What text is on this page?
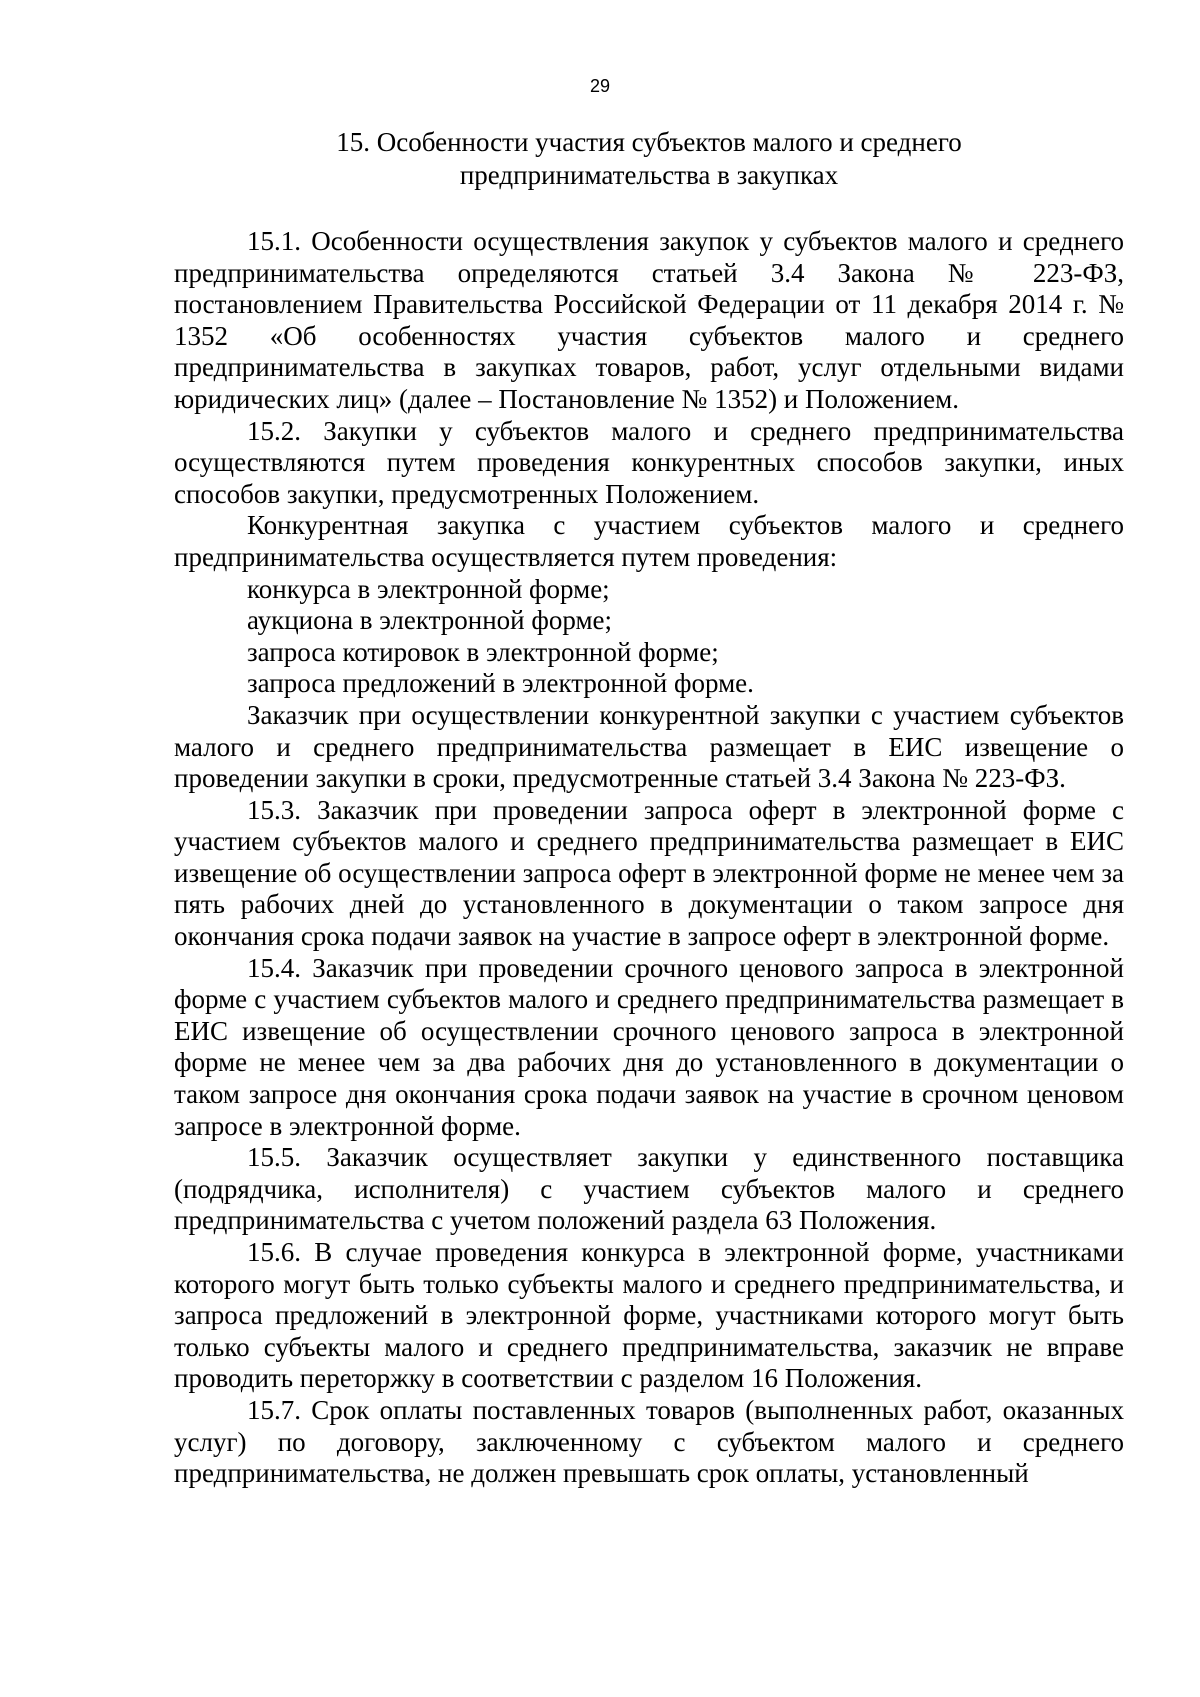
29
15. Особенности участия субъектов малого и среднего
предпринимательства в закупках

15.1. Особенности осуществления закупок у субъектов малого и среднего предпринимательства определяются статьей 3.4 Закона № 223-ФЗ, постановлением Правительства Российской Федерации от 11 декабря 2014 г. № 1352 «Об особенностях участия субъектов малого и среднего предпринимательства в закупках товаров, работ, услуг отдельными видами юридических лиц» (далее – Постановление № 1352) и Положением.

15.2. Закупки у субъектов малого и среднего предпринимательства осуществляются путем проведения конкурентных способов закупки, иных способов закупки, предусмотренных Положением.

Конкурентная закупка с участием субъектов малого и среднего предпринимательства осуществляется путем проведения:

конкурса в электронной форме;

аукциона в электронной форме;

запроса котировок в электронной форме;

запроса предложений в электронной форме.

Заказчик при осуществлении конкурентной закупки с участием субъектов малого и среднего предпринимательства размещает в ЕИС извещение о проведении закупки в сроки, предусмотренные статьей 3.4 Закона № 223-ФЗ.

15.3. Заказчик при проведении запроса оферт в электронной форме с участием субъектов малого и среднего предпринимательства размещает в ЕИС извещение об осуществлении запроса оферт в электронной форме не менее чем за пять рабочих дней до установленного в документации о таком запросе дня окончания срока подачи заявок на участие в запросе оферт в электронной форме.

15.4. Заказчик при проведении срочного ценового запроса в электронной форме с участием субъектов малого и среднего предпринимательства размещает в ЕИС извещение об осуществлении срочного ценового запроса в электронной форме не менее чем за два рабочих дня до установленного в документации о таком запросе дня окончания срока подачи заявок на участие в срочном ценовом запросе в электронной форме.

15.5. Заказчик осуществляет закупки у единственного поставщика (подрядчика, исполнителя) с участием субъектов малого и среднего предпринимательства с учетом положений раздела 63 Положения.

15.6. В случае проведения конкурса в электронной форме, участниками которого могут быть только субъекты малого и среднего предпринимательства, и запроса предложений в электронной форме, участниками которого могут быть только субъекты малого и среднего предпринимательства, заказчик не вправе проводить переторжку в соответствии с разделом 16 Положения.

15.7. Срок оплаты поставленных товаров (выполненных работ, оказанных услуг) по договору, заключенному с субъектом малого и среднего предпринимательства, не должен превышать срок оплаты, установленный
